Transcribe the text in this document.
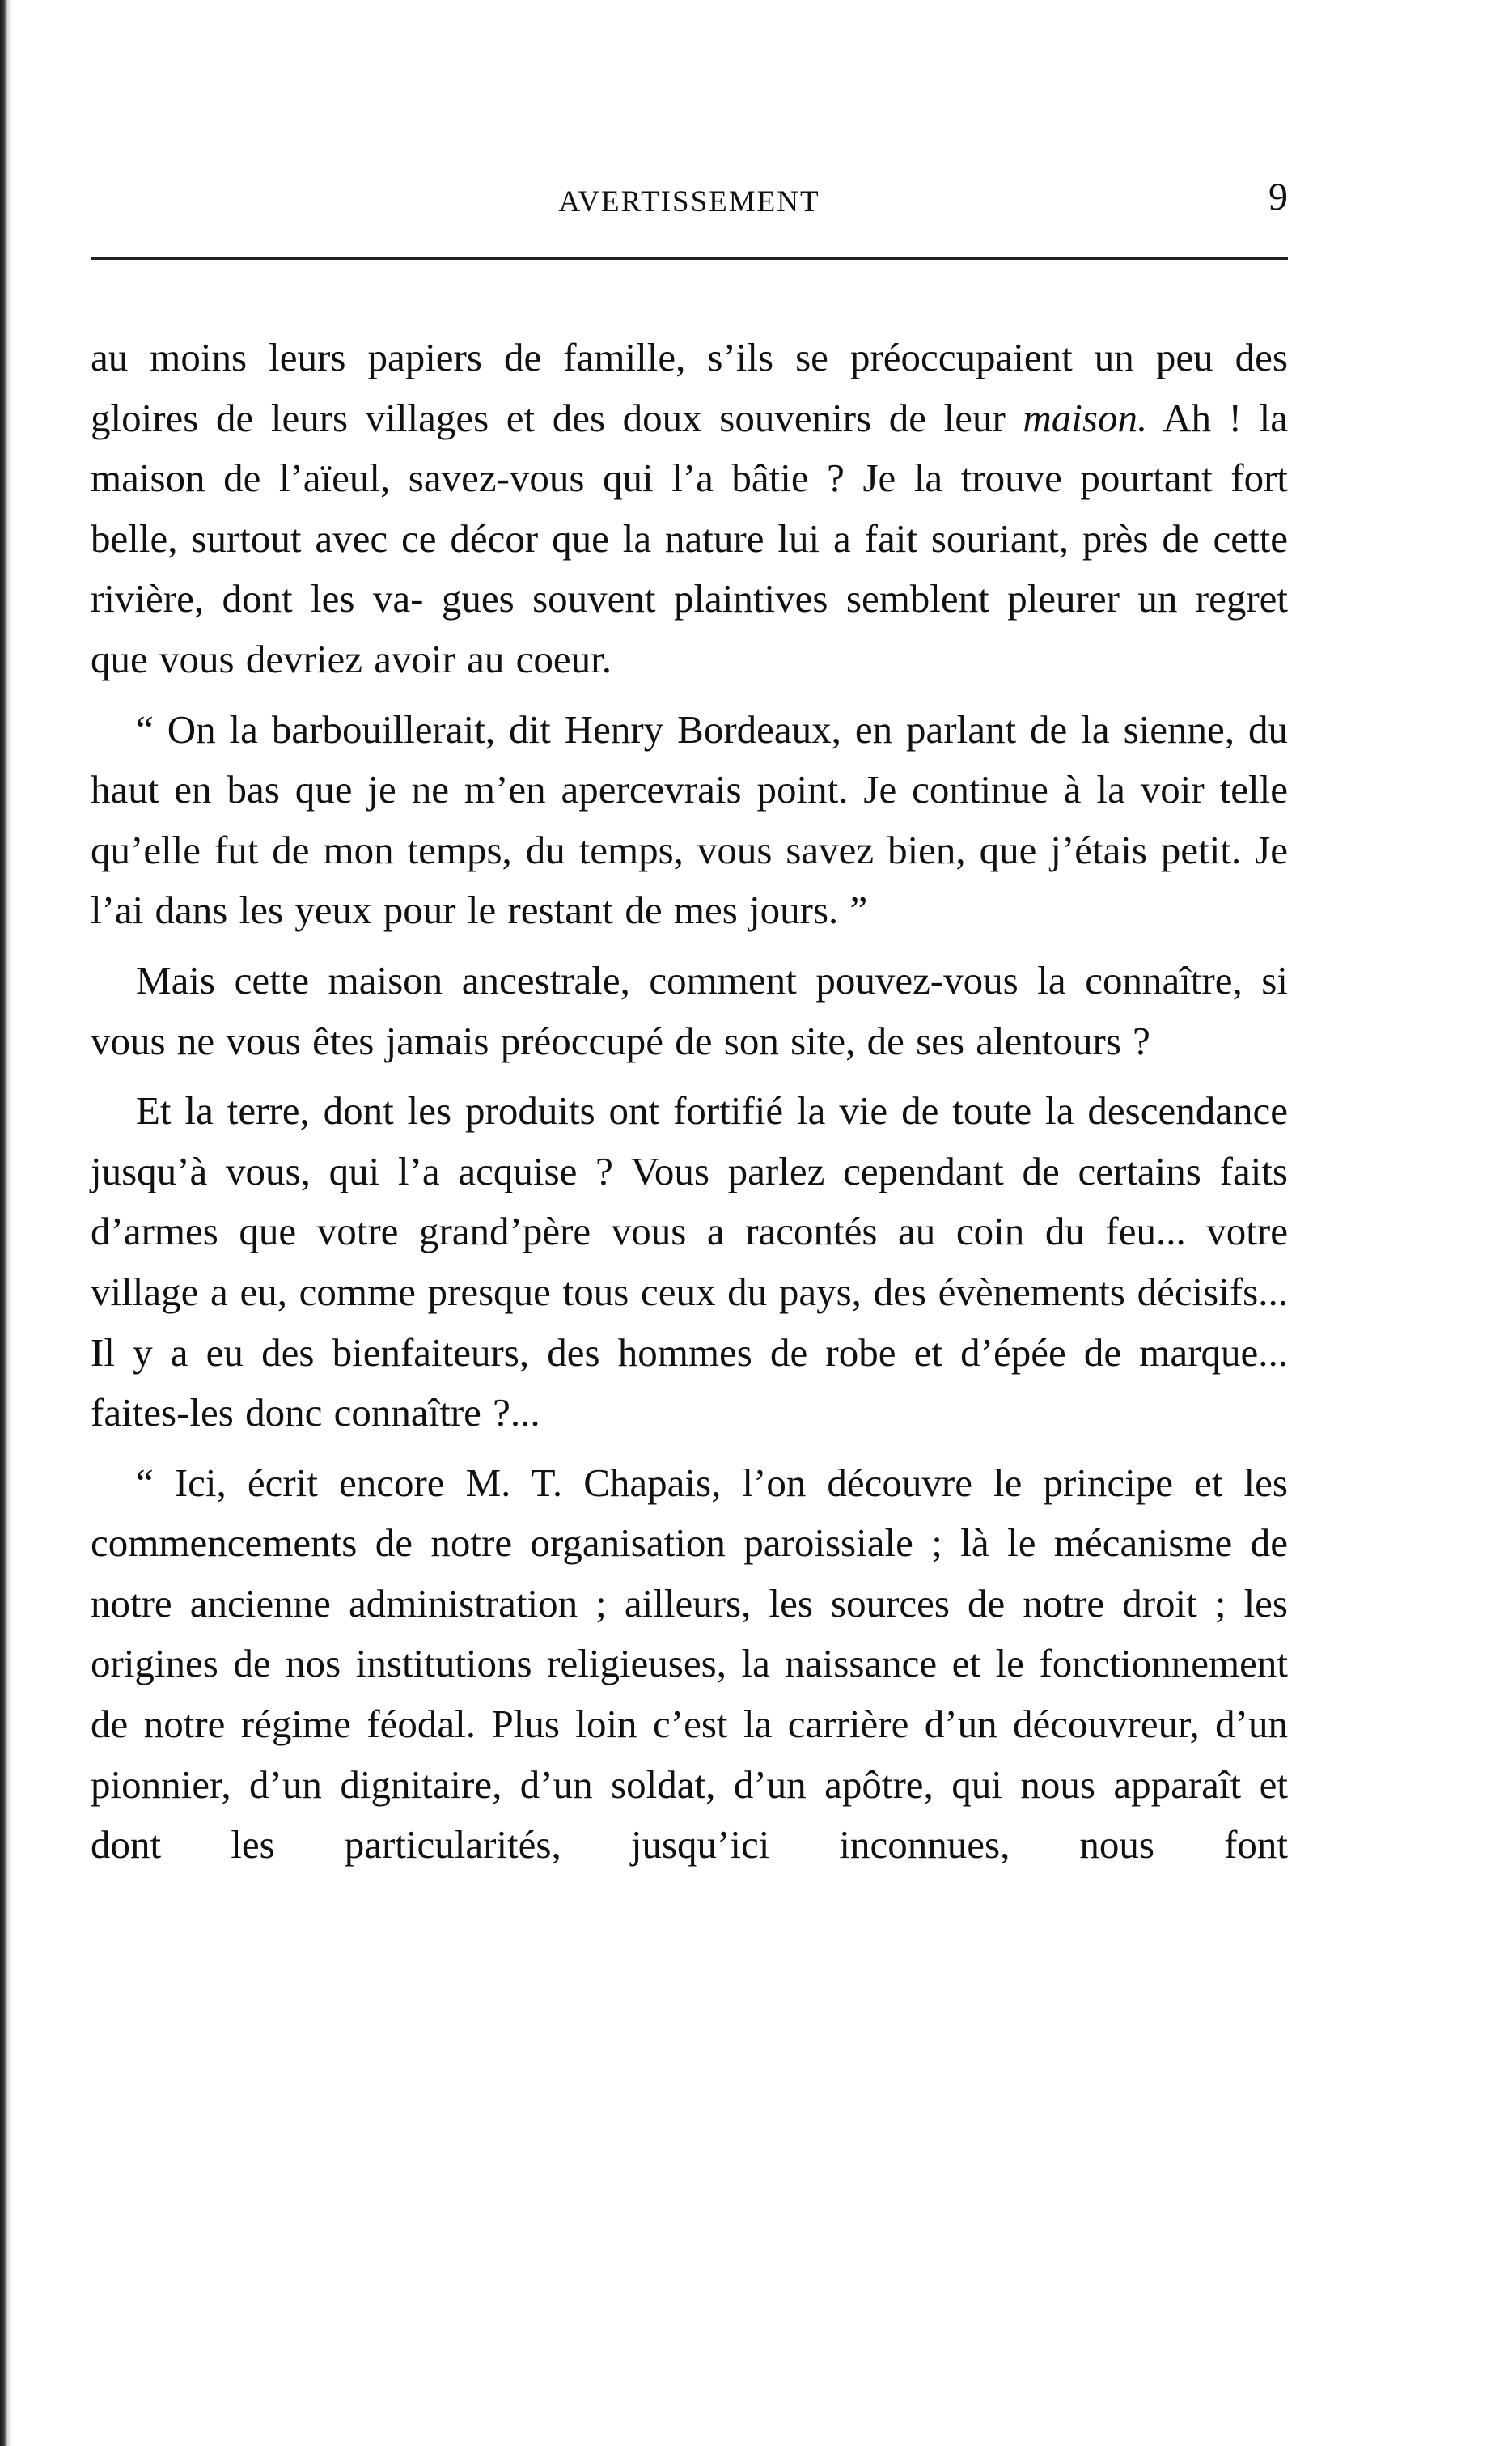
AVERTISSEMENT	9

au moins leurs papiers de famille, s’ils se préoccupaient un peu des gloires de leurs villages et des doux souvenirs de leur maison. Ah ! la maison de l’aïeul, savez-vous qui l’a bâtie ? Je la trouve pourtant fort belle, surtout avec ce décor que la nature lui a fait souriant, près de cette rivière, dont les va- gues souvent plaintives semblent pleurer un regret que vous devriez avoir au coeur.

“ On la barbouillerait, dit Henry Bordeaux, en parlant de la sienne, du haut en bas que je ne m’en apercevrais point. Je continue à la voir telle qu’elle fut de mon temps, du temps, vous savez bien, que j’étais petit. Je l’ai dans les yeux pour le restant de mes jours. ”

Mais cette maison ancestrale, comment pouvez-vous la connaître, si vous ne vous êtes jamais préoccupé de son site, de ses alentours ?

Et la terre, dont les produits ont fortifié la vie de toute la descendance jusqu’à vous, qui l’a acquise ? Vous parlez cependant de certains faits d’armes que votre grand’père vous a racontés au coin du feu... votre village a eu, comme presque tous ceux du pays, des évènements décisifs... Il y a eu des bienfaiteurs, des hommes de robe et d’épée de marque... faites-les donc connaître ?...

“ Ici, écrit encore M. T. Chapais, l’on découvre le principe et les commencements de notre organisation paroissiale ; là le mécanisme de notre ancienne administration ; ailleurs, les sources de notre droit ; les origines de nos institutions religieuses, la naissance et le fonctionnement de notre régime féodal. Plus loin c’est la carrière d’un découvreur, d’un pionnier, d’un dignitaire, d’un soldat, d’un apôtre, qui nous apparaît et dont les particularités, jusqu’ici inconnues, nous font
